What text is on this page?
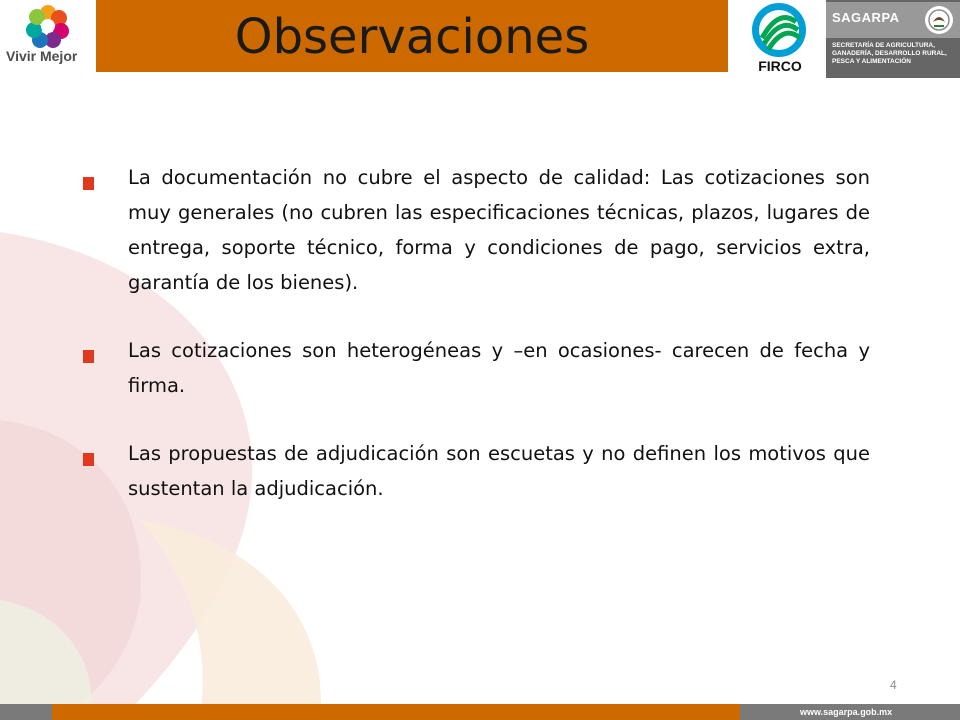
Vivir Mejor	Observaciones
FIRCO
SAGARPA
SECRETARÍA DE AGRICULTURA, GANADERÍA, DESARROLLO RURAL, PESCA Y ALIMENTACIÓN
La documentación no cubre el aspecto de calidad: Las cotizaciones son muy generales (no cubren las especificaciones técnicas, plazos, lugares de entrega, soporte técnico, forma y condiciones de pago, servicios extra, garantía de los bienes).
Las cotizaciones son heterogéneas y –en ocasiones- carecen de fecha y firma.
Las propuestas de adjudicación son escuetas y no definen los motivos que sustentan la adjudicación.
4
www.sagarpa.gob.mx
